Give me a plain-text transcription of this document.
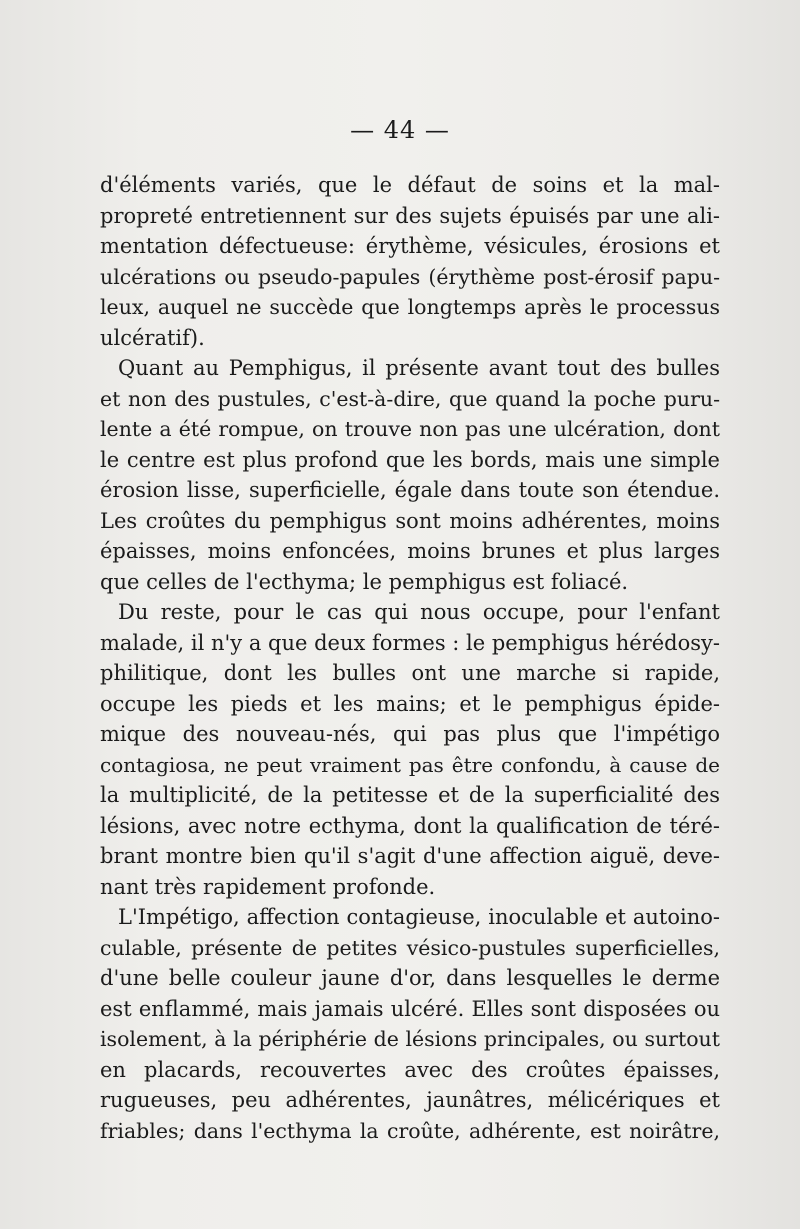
— 44 —
d'éléments variés, que le défaut de soins et la mal-
propreté entretiennent sur des sujets épuisés par une ali-
mentation défectueuse: érythème, vésicules, érosions et
ulcérations ou pseudo-papules (érythème post-érosif papu-
leux, auquel ne succède que longtemps après le processus
ulcératif).
Quant au Pemphigus, il présente avant tout des bulles
et non des pustules, c'est-à-dire, que quand la poche puru-
lente a été rompue, on trouve non pas une ulcération, dont
le centre est plus profond que les bords, mais une simple
érosion lisse, superficielle, égale dans toute son étendue.
Les croûtes du pemphigus sont moins adhérentes, moins
épaisses, moins enfoncées, moins brunes et plus larges
que celles de l'ecthyma; le pemphigus est foliacé.
Du reste, pour le cas qui nous occupe, pour l'enfant
malade, il n'y a que deux formes : le pemphigus hérédosy-
philitique, dont les bulles ont une marche si rapide,
occupe les pieds et les mains; et le pemphigus épide-
mique des nouveau-nés, qui pas plus que l'impétigo
contagiosa, ne peut vraiment pas être confondu, à cause de
la multiplicité, de la petitesse et de la superficialité des
lésions, avec notre ecthyma, dont la qualification de téré-
brant montre bien qu'il s'agit d'une affection aiguë, deve-
nant très rapidement profonde.
L'Impétigo, affection contagieuse, inoculable et autoino-
culable, présente de petites vésico-pustules superficielles,
d'une belle couleur jaune d'or, dans lesquelles le derme
est enflammé, mais jamais ulcéré. Elles sont disposées ou
isolement, à la périphérie de lésions principales, ou surtout
en placards, recouvertes avec des croûtes épaisses,
rugueuses, peu adhérentes, jaunâtres, mélicériques et
friables; dans l'ecthyma la croûte, adhérente, est noirâtre,
